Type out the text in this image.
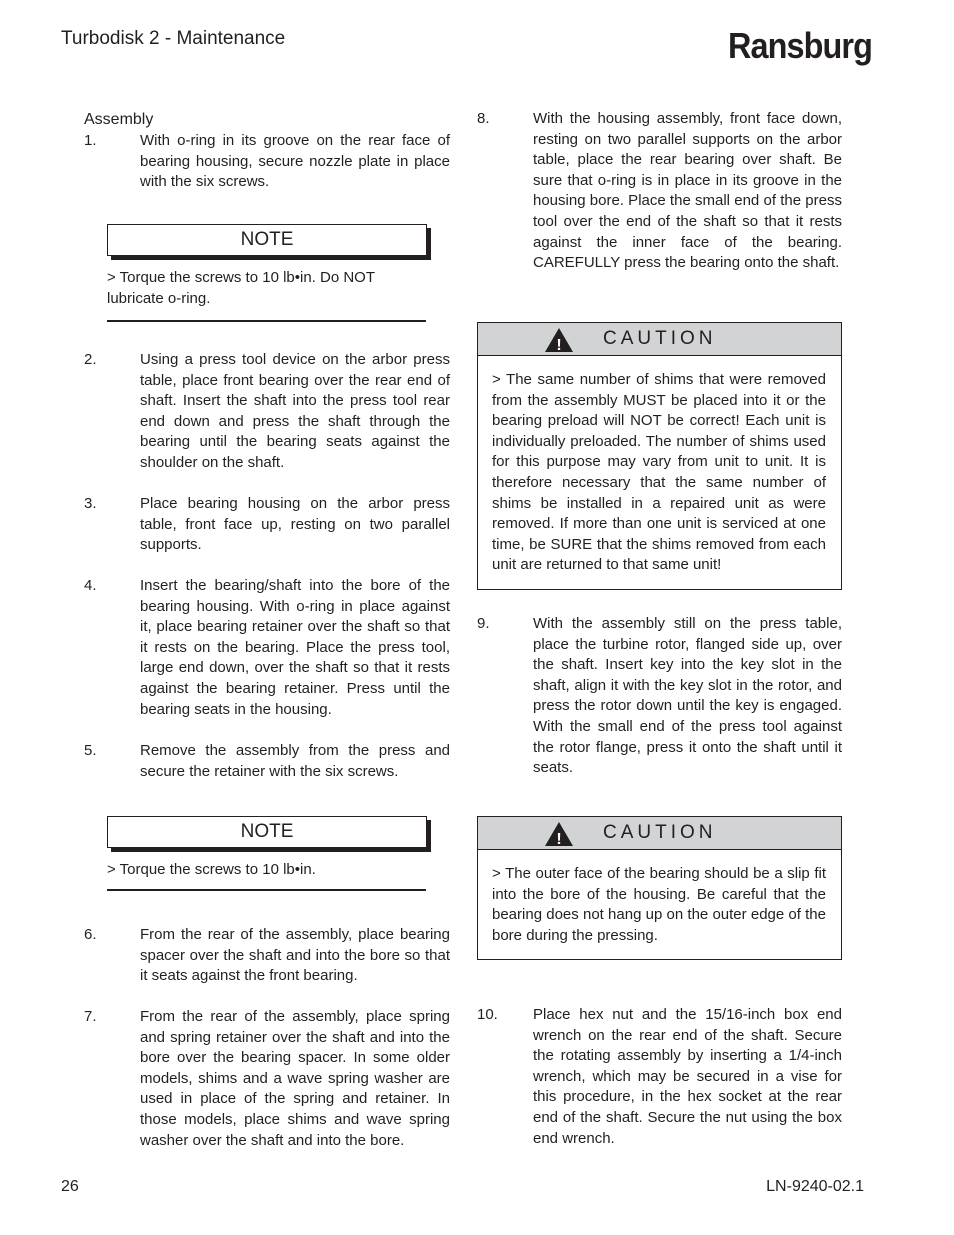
Turbodisk 2 - Maintenance	Ransburg
Assembly
1.	With o-ring in its groove on the rear face of bearing housing, secure nozzle plate in place with the six screws.
NOTE
> Torque the screws to 10 lb•in. Do NOT lubricate o-ring.
2.	Using a press tool device on the arbor press table, place front bearing over the rear end of shaft. Insert the shaft into the press tool rear end down and press the shaft through the bearing until the bearing seats against the shoulder on the shaft.
3.	Place bearing housing on the arbor press table, front face up, resting on two parallel supports.
4.	Insert the bearing/shaft into the bore of the bearing housing. With o-ring in place against it, place bearing retainer over the shaft so that it rests on the bearing. Place the press tool, large end down, over the shaft so that it rests against the bearing retainer. Press until the bearing seats in the housing.
5.	Remove the assembly from the press and secure the retainer with the six screws.
NOTE
> Torque the screws to 10 lb•in.
6.	From the rear of the assembly, place bearing spacer over the shaft and into the bore so that it seats against the front bearing.
7.	From the rear of the assembly, place spring and spring retainer over the shaft and into the bore over the bearing spacer. In some older models, shims and a wave spring washer are used in place of the spring and retainer. In those models, place shims and wave spring washer over the shaft and into the bore.
8.	With the housing assembly, front face down, resting on two parallel supports on the arbor table, place the rear bearing over shaft. Be sure that o-ring is in place in its groove in the housing bore. Place the small end of the press tool over the end of the shaft so that it rests against the inner face of the bearing. CAREFULLY press the bearing onto the shaft.
! CAUTION
> The same number of shims that were removed from the assembly MUST be placed into it or the bearing preload will NOT be correct! Each unit is individually preloaded. The number of shims used for this purpose may vary from unit to unit. It is therefore necessary that the same number of shims be installed in a repaired unit as were removed. If more than one unit is serviced at one time, be SURE that the shims removed from each unit are returned to that same unit!
9.	With the assembly still on the press table, place the turbine rotor, flanged side up, over the shaft. Insert key into the key slot in the shaft, align it with the key slot in the rotor, and press the rotor down until the key is engaged. With the small end of the press tool against the rotor flange, press it onto the shaft until it seats.
! CAUTION
> The outer face of the bearing should be a slip fit into the bore of the housing. Be careful that the bearing does not hang up on the outer edge of the bore during the pressing.
10. Place hex nut and the 15/16-inch box end wrench on the rear end of the shaft. Secure the rotating assembly by inserting a 1/4-inch wrench, which may be secured in a vise for this procedure, in the hex socket at the rear end of the shaft. Secure the nut using the box end wrench.
26	LN-9240-02.1
